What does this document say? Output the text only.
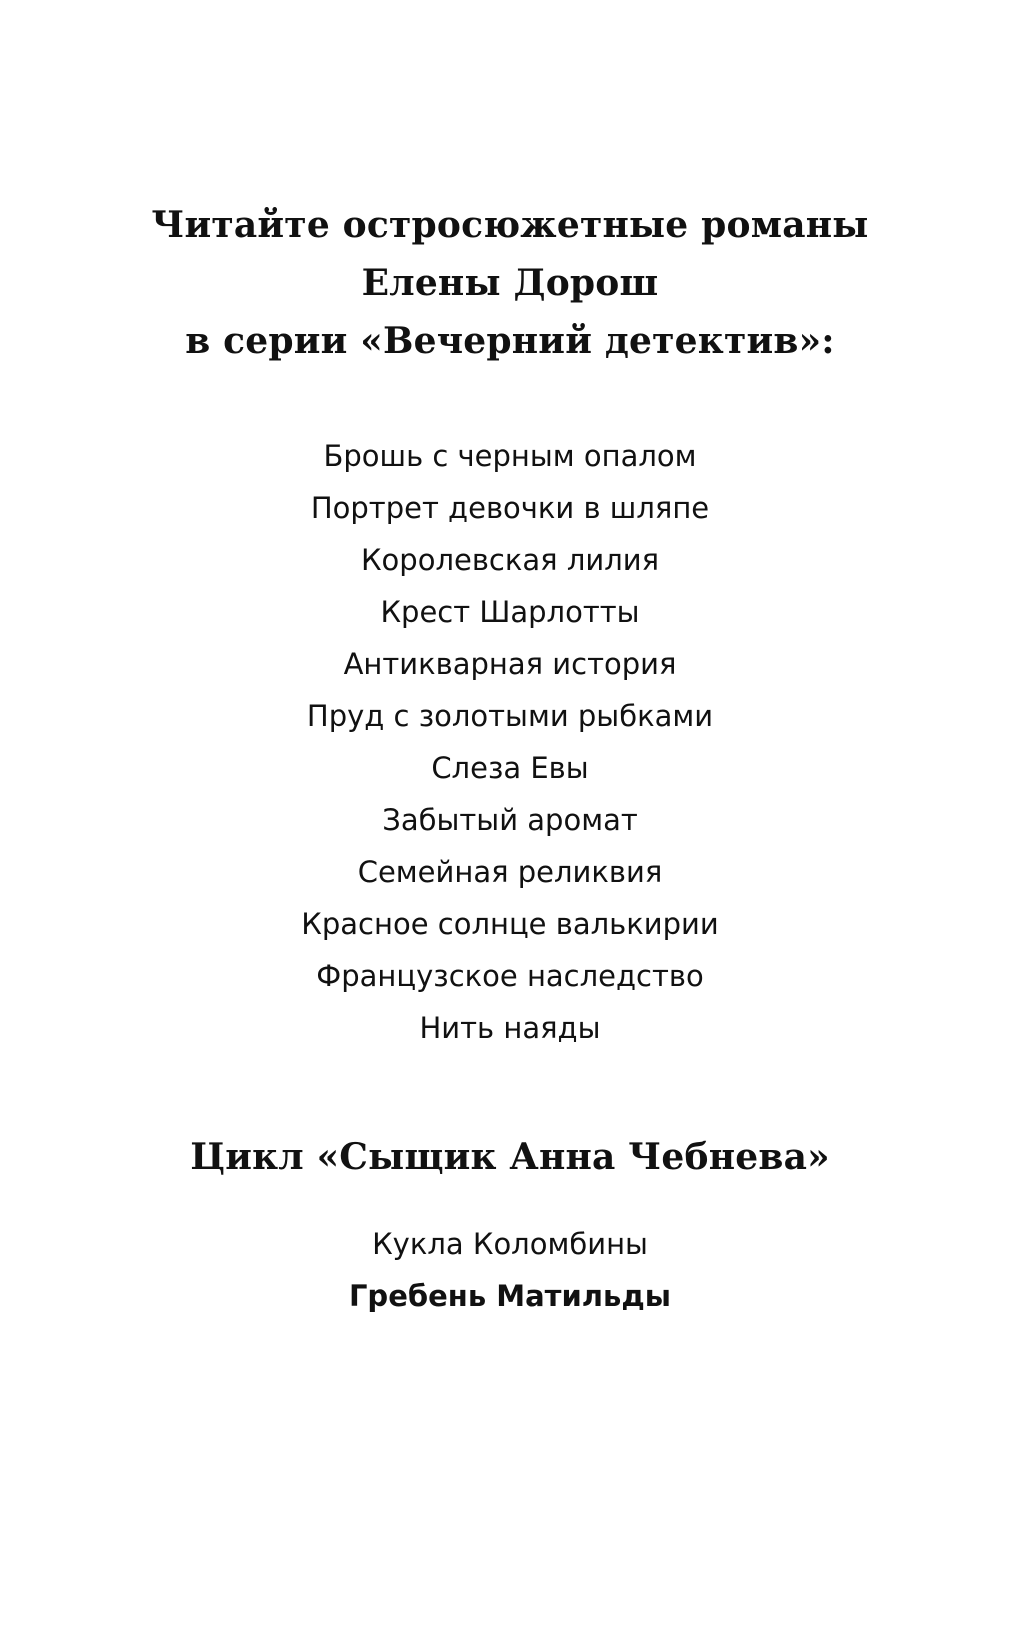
Читайте остросюжетные романы
Елены Дорош
в серии «Вечерний детектив»:
Брошь с черным опалом
Портрет девочки в шляпе
Королевская лилия
Крест Шарлотты
Антикварная история
Пруд с золотыми рыбками
Слеза Евы
Забытый аромат
Семейная реликвия
Красное солнце валькирии
Французское наследство
Нить наяды
Цикл «Сыщик Анна Чебнева»
Кукла Коломбины
Гребень Матильды
